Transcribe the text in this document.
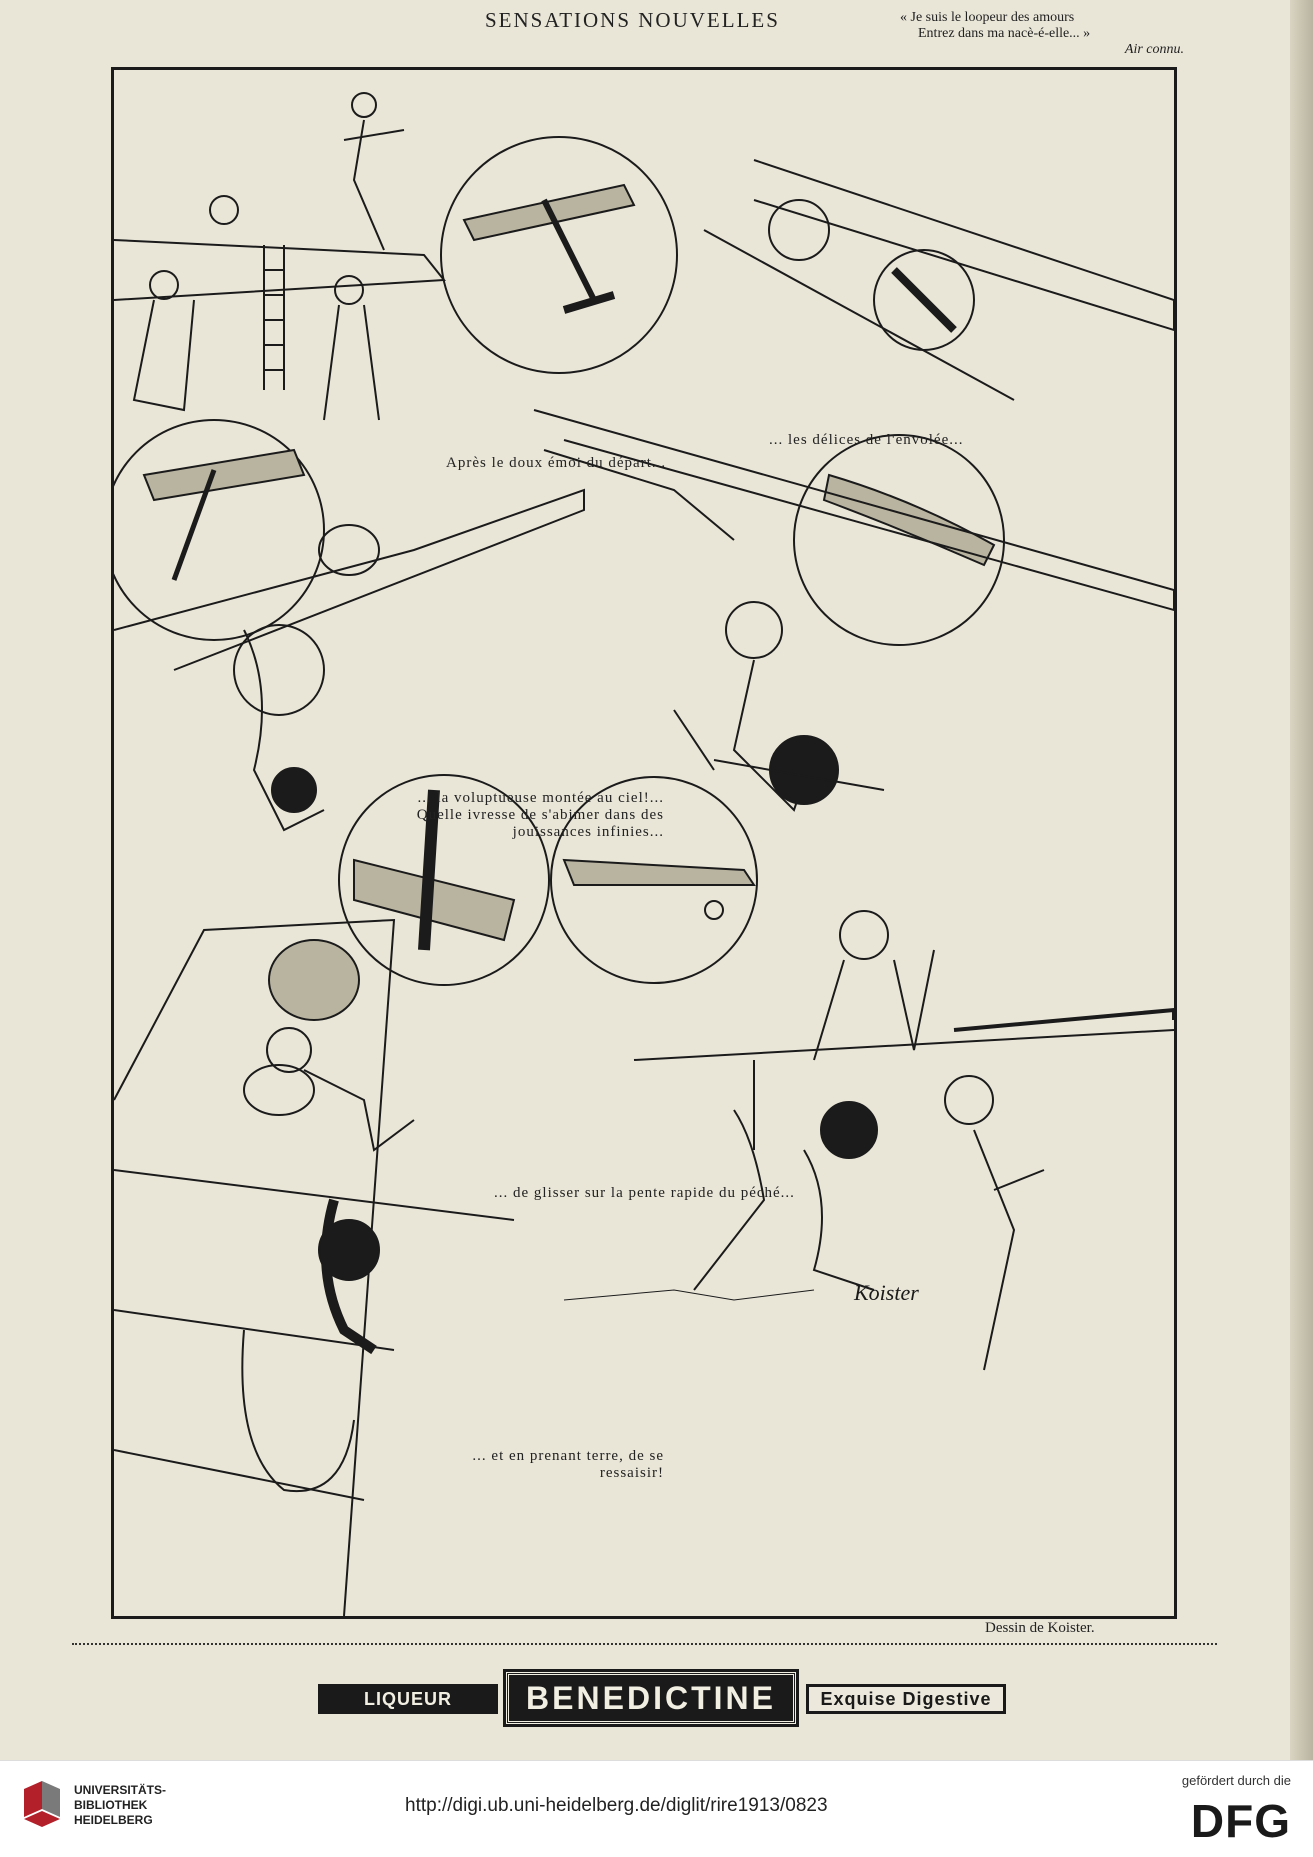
SENSATIONS NOUVELLES	« Je suis le loopeur des amours
Entrez dans ma nacè-é-elle... »
Air connu.
Koister
Après le doux émoi du départ...
... les délices de l'envolée...
... la voluptueuse montée au ciel!... Quelle ivresse de s'abimer dans des jouissances infinies...
... de glisser sur la pente rapide du péché...
... et en prenant terre, de se ressaisir!
Dessin de Koister.
LIQUEUR	BENEDICTINE	Exquise Digestive
UNIVERSITÄTS-
BIBLIOTHEK
HEIDELBERG
http://digi.ub.uni-heidelberg.de/diglit/rire1913/0823
gefördert durch die
DFG
